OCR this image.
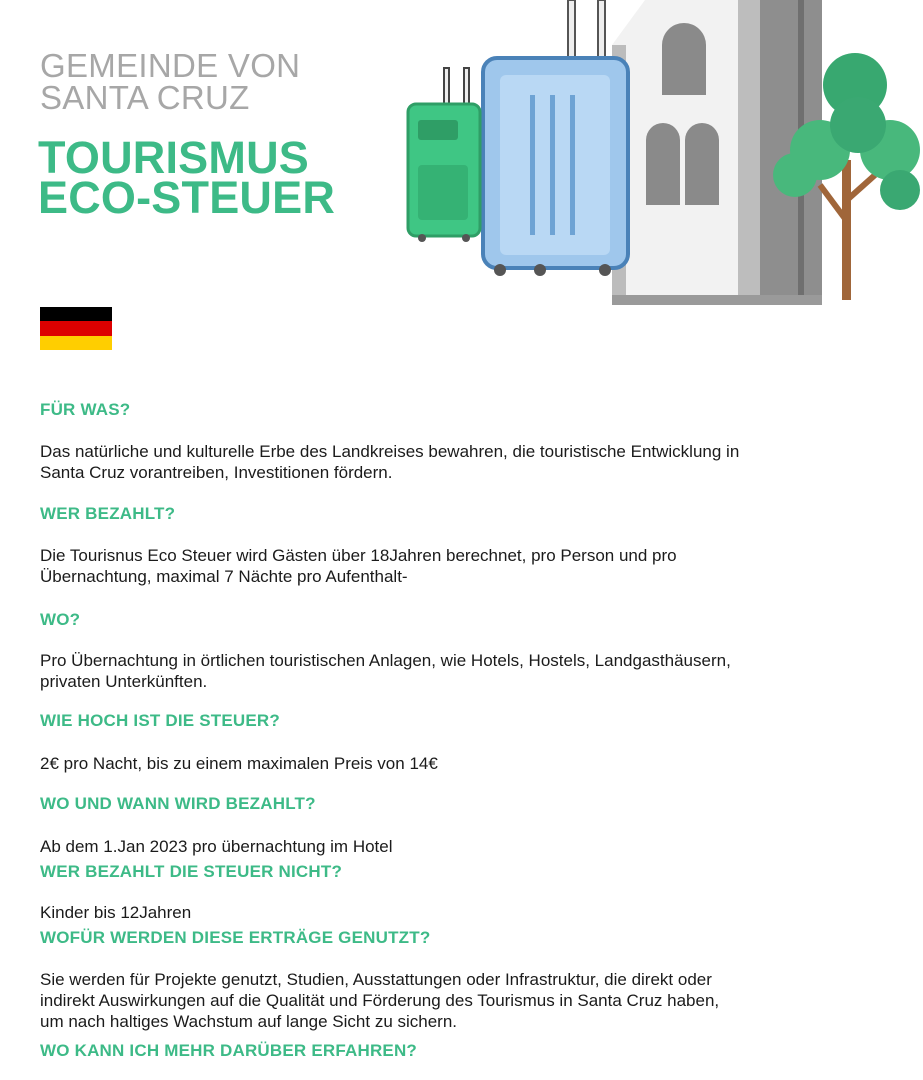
GEMEINDE VON
SANTA CRUZ
TOURISMUS
ECO-STEUER
FÜR WAS?
Das natürliche und kulturelle Erbe des Landkreises bewahren, die touristische Entwicklung in
Santa Cruz vorantreiben, Investitionen fördern.
WER BEZAHLT?
Die Tourisnus Eco Steuer wird Gästen über 18Jahren berechnet, pro Person und pro
Übernachtung, maximal 7 Nächte pro Aufenthalt-
WO?
Pro Übernachtung in örtlichen touristischen Anlagen, wie Hotels, Hostels, Landgasthäusern,
privaten Unterkünften.
WIE HOCH IST DIE STEUER?
2€ pro Nacht, bis zu einem maximalen Preis von 14€
WO UND WANN WIRD BEZAHLT?
Ab dem 1.Jan 2023 pro übernachtung im Hotel
WER BEZAHLT DIE STEUER NICHT?
Kinder bis 12Jahren
WOFÜR WERDEN DIESE ERTRÄGE GENUTZT?
Sie werden für Projekte genutzt, Studien, Ausstattungen oder Infrastruktur, die direkt oder
indirekt Auswirkungen auf die Qualität und Förderung des Tourismus in Santa Cruz haben,
um nach haltiges Wachstum auf lange Sicht zu sichern.
WO KANN ICH MEHR DARÜBER ERFAHREN?
